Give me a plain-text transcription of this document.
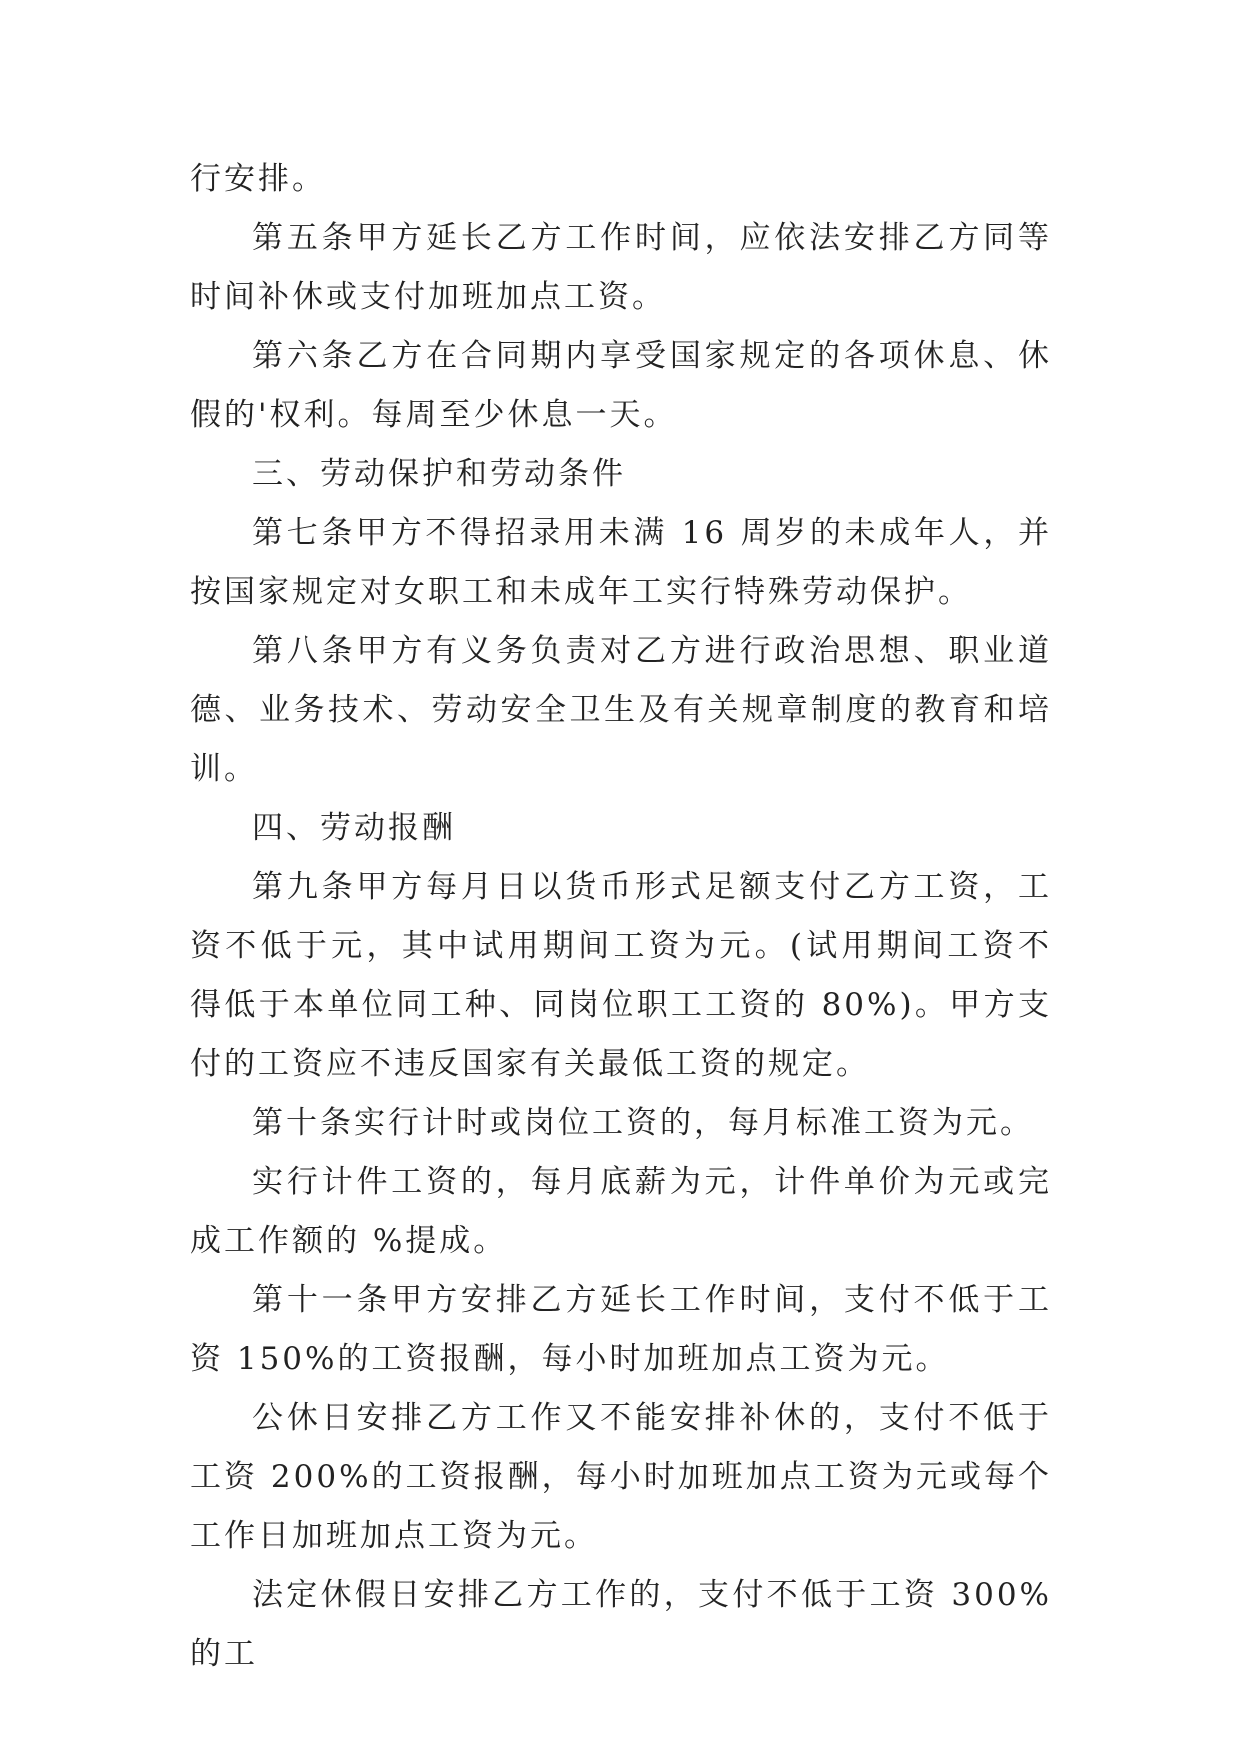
行安排。

第五条甲方延长乙方工作时间，应依法安排乙方同等时间补休或支付加班加点工资。

第六条乙方在合同期内享受国家规定的各项休息、休假的'权利。每周至少休息一天。

三、劳动保护和劳动条件

第七条甲方不得招录用未满 16 周岁的未成年人，并按国家规定对女职工和未成年工实行特殊劳动保护。

第八条甲方有义务负责对乙方进行政治思想、职业道德、业务技术、劳动安全卫生及有关规章制度的教育和培训。

四、劳动报酬

第九条甲方每月日以货币形式足额支付乙方工资，工资不低于元，其中试用期间工资为元。(试用期间工资不得低于本单位同工种、同岗位职工工资的 80%)。甲方支付的工资应不违反国家有关最低工资的规定。

第十条实行计时或岗位工资的，每月标准工资为元。

实行计件工资的，每月底薪为元，计件单价为元或完成工作额的 %提成。

第十一条甲方安排乙方延长工作时间，支付不低于工资 150%的工资报酬，每小时加班加点工资为元。

公休日安排乙方工作又不能安排补休的，支付不低于工资 200%的工资报酬，每小时加班加点工资为元或每个工作日加班加点工资为元。

法定休假日安排乙方工作的，支付不低于工资 300%的工
